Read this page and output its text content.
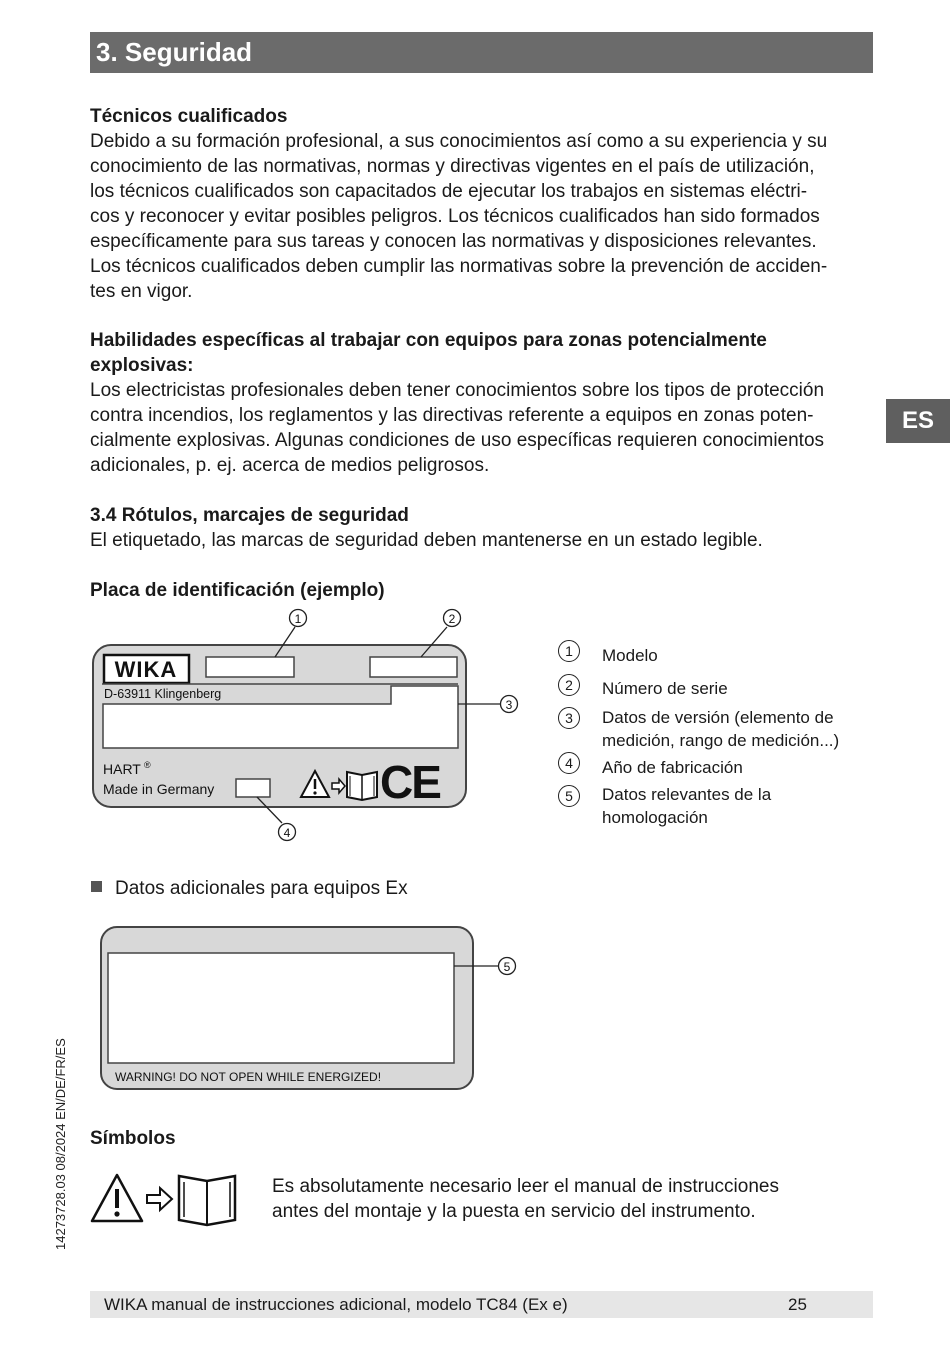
3. Seguridad
ES
14273728.03 08/2024 EN/DE/FR/ES
Técnicos cualificados
Debido a su formación profesional, a sus conocimientos así como a su experiencia y su
conocimiento de las normativas, normas y directivas vigentes en el país de utilización,
los técnicos cualificados son capacitados de ejecutar los trabajos en sistemas eléctri-
cos y reconocer y evitar posibles peligros. Los técnicos cualificados han sido formados
específicamente para sus tareas y conocen las normativas y disposiciones relevantes.
Los técnicos cualificados deben cumplir las normativas sobre la prevención de acciden-
tes en vigor.
Habilidades específicas al trabajar con equipos para zonas potencialmente
explosivas:
Los electricistas profesionales deben tener conocimientos sobre los tipos de protección
contra incendios, los reglamentos y las directivas referente a equipos en zonas poten-
cialmente explosivas. Algunas condiciones de uso específicas requieren conocimientos
adicionales, p. ej. acerca de medios peligrosos.
3.4 Rótulos, marcajes de seguridad
El etiquetado, las marcas de seguridad deben mantenerse en un estado legible.
Placa de identificación (ejemplo)
WIKA
D-63911 Klingenberg
HART ®
Made in Germany	CE
1	2
3
4
1	Modelo
2	Número de serie
3	Datos de versión (elemento de
medición, rango de medición...)
4	Año de fabricación
5	Datos relevantes de la
homologación
Datos adicionales para equipos Ex
WARNING! DO NOT OPEN WHILE ENERGIZED!
5
Símbolos
Es absolutamente necesario leer el manual de instrucciones
antes del montaje y la puesta en servicio del instrumento.
WIKA manual de instrucciones adicional, modelo TC84 (Ex e)	25
